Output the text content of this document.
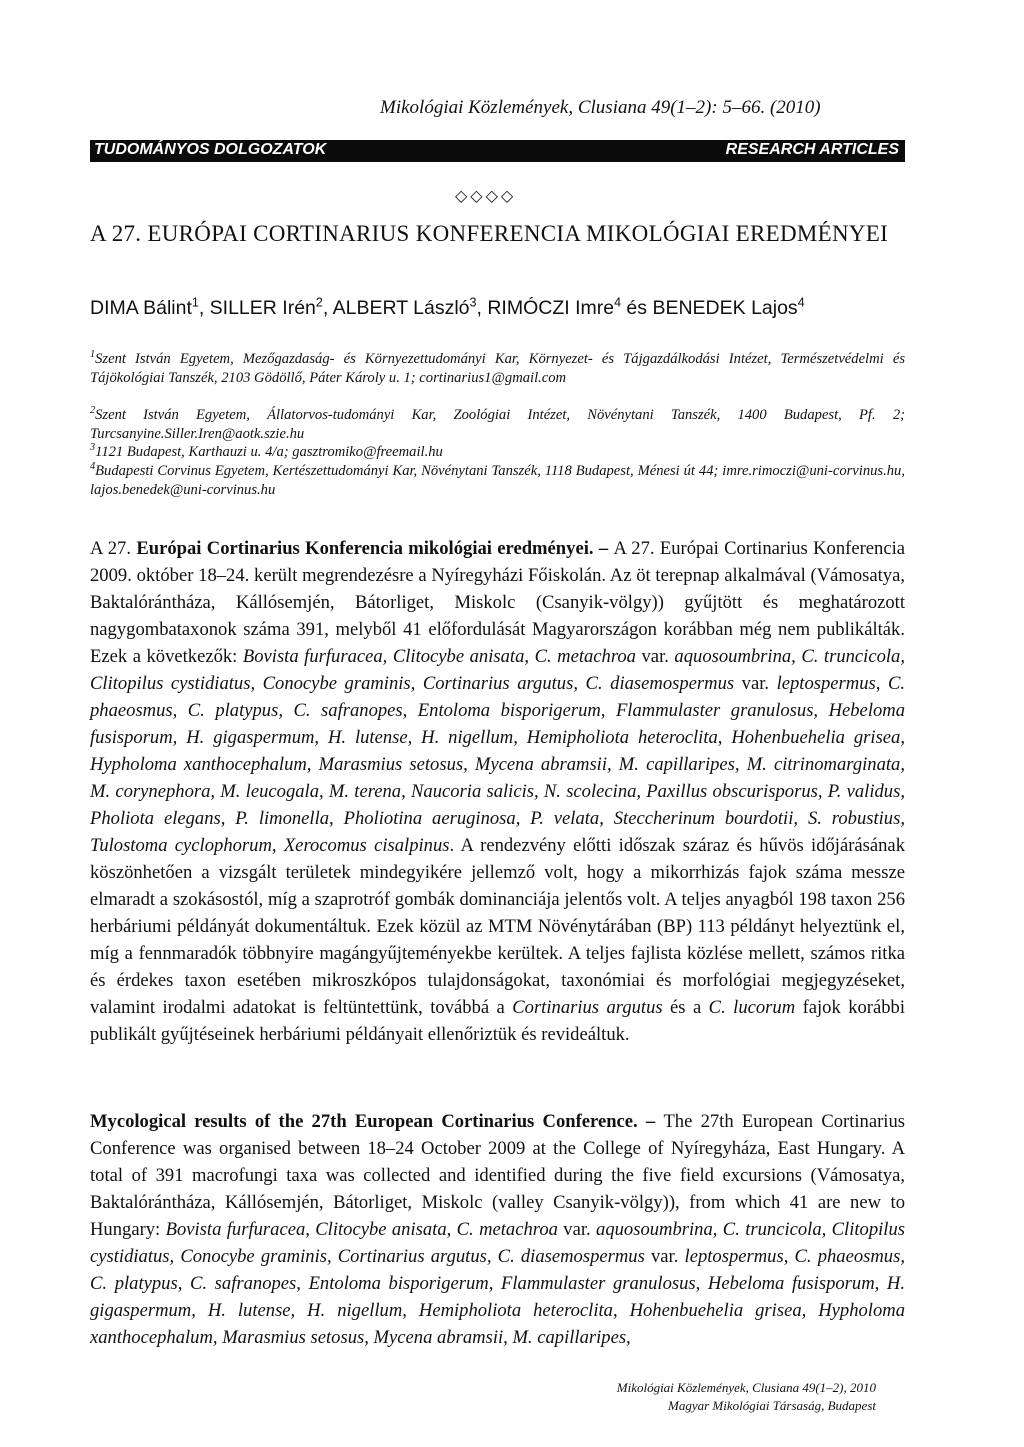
Mikológiai Közlemények, Clusiana 49(1–2): 5–66. (2010)
TUDOMÁNYOS DOLGOZATOK	RESEARCH ARTICLES
◇◇◇◇
A 27. EURÓPAI CORTINARIUS KONFERENCIA MIKOLÓGIAI EREDMÉNYEI
DIMA Bálint$^1$, SILLER Irén$^2$, ALBERT László$^3$, RIMÓCZI Imre$^4$ és BENEDEK Lajos$^4$
$^1$Szent István Egyetem, Mezőgazdaság- és Környezettudományi Kar, Környezet- és Tájgazdálkodási Intézet, Természetvédelmi és Tájökológiai Tanszék, 2103 Gödöllő, Páter Károly u. 1; cortinarius1@gmail.com
$^2$Szent István Egyetem, Állatorvos-tudományi Kar, Zoológiai Intézet, Növénytani Tanszék, 1400 Budapest, Pf. 2; Turcsanyine.Siller.Iren@aotk.szie.hu
$^3$1121 Budapest, Karthauzi u. 4/a; gasztromiko@freemail.hu
$^4$Budapesti Corvinus Egyetem, Kertészettudományi Kar, Növénytani Tanszék, 1118 Budapest, Ménesi út 44; imre.rimoczi@uni-corvinus.hu, lajos.benedek@uni-corvinus.hu

A 27. Európai Cortinarius Konferencia mikológiai eredményei. – A 27. Európai Cortinarius Konferencia 2009. október 18–24. került megrendezésre a Nyíregyházi Főiskolán. Az öt terepnap alkalmával (Vámosatya, Baktalórántháza, Kállósemjén, Bátorliget, Miskolc (Csanyik-völgy)) gyűjtött és meghatározott nagygombataxonok száma 391, melyből 41 előfordulását Magyarországon korábban még nem publikálták. Ezek a következők: Bovista furfuracea, Clitocybe anisata, C. metachroa var. aquosoumbrina, C. truncicola, Clitopilus cystidiatus, Conocybe graminis, Cortinarius argutus, C. diasemospermus var. leptospermus, C. phaeosmus, C. platypus, C. safranopes, Entoloma bisporigerum, Flammulaster granulosus, Hebeloma fusisporum, H. gigaspermum, H. lutense, H. nigellum, Hemipholiota heteroclita, Hohenbuehelia grisea, Hypholoma xanthocephalum, Marasmius setosus, Mycena abramsii, M. capillaripes, M. citrinomarginata, M. corynephora, M. leucogala, M. terena, Naucoria salicis, N. scolecina, Paxillus obscurisporus, P. validus, Pholiota elegans, P. limonella, Pholiotina aeruginosa, P. velata, Steccherinum bourdotii, S. robustius, Tulostoma cyclophorum, Xerocomus cisalpinus. A rendezvény előtti időszak száraz és hűvös időjárásának köszönhetően a vizsgált területek mindegyikére jellemző volt, hogy a mikorrhizás fajok száma messze elmaradt a szokásostól, míg a szaprotróf gombák dominanciája jelentős volt. A teljes anyagból 198 taxon 256 herbáriumi példányát dokumentáltuk. Ezek közül az MTM Növénytárában (BP) 113 példányt helyeztünk el, míg a fennmaradók többnyire magángyűjteményekbe kerültek. A teljes fajlista közlése mellett, számos ritka és érdekes taxon esetében mikroszkópos tulajdonságokat, taxonómiai és morfológiai megjegyzéseket, valamint irodalmi adatokat is feltüntettünk, továbbá a Cortinarius argutus és a C. lucorum fajok korábbi publikált gyűjtéseinek herbáriumi példányait ellenőriztük és revideáltuk.

Mycological results of the 27th European Cortinarius Conference. – The 27th European Cortinarius Conference was organised between 18–24 October 2009 at the College of Nyíregyháza, East Hungary. A total of 391 macrofungi taxa was collected and identified during the five field excursions (Vámosatya, Baktalórántháza, Kállósemjén, Bátorliget, Miskolc (valley Csanyik-völgy)), from which 41 are new to Hungary: Bovista furfuracea, Clitocybe anisata, C. metachroa var. aquosoumbrina, C. truncicola, Clitopilus cystidiatus, Conocybe graminis, Cortinarius argutus, C. diasemospermus var. leptospermus, C. phaeosmus, C. platypus, C. safranopes, Entoloma bisporigerum, Flammulaster granulosus, Hebeloma fusisporum, H. gigaspermum, H. lutense, H. nigellum, Hemipholiota heteroclita, Hohenbuehelia grisea, Hypholoma xanthocephalum, Marasmius setosus, Mycena abramsii, M. capillaripes,

Mikológiai Közlemények, Clusiana 49(1–2), 2010
Magyar Mikológiai Társaság, Budapest
